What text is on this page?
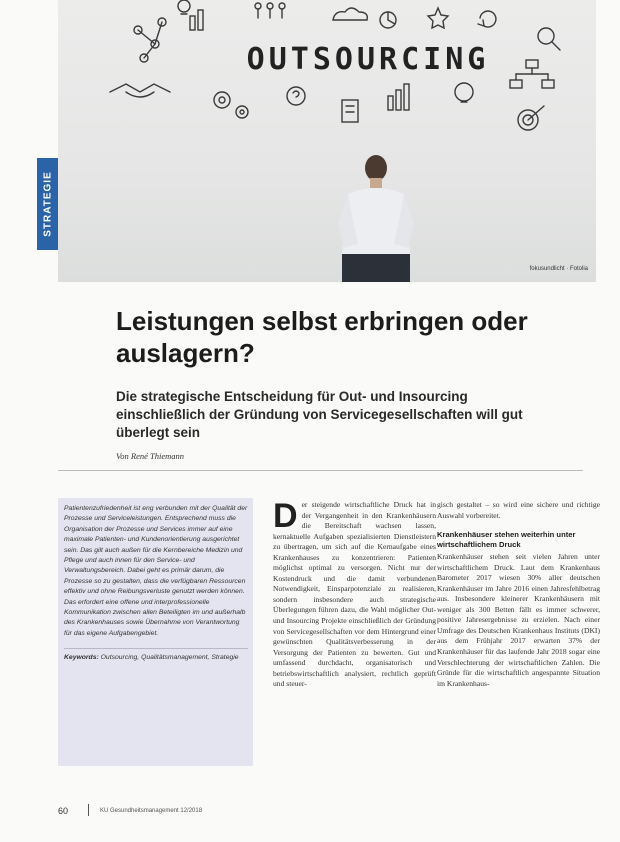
OUTSOURCING
fokusundlicht · Fotolia
STRATEGIE
Leistungen selbst erbringen oder auslagern?
Die strategische Entscheidung für Out- und Insourcing einschließlich der Gründung von Servicegesellschaften will gut überlegt sein
Von René Thiemann

Patientenzufriedenheit ist eng verbunden mit der Qualität der Prozesse und Serviceleistungen. Entsprechend muss die Organisation der Prozesse und Services immer auf eine maximale Patienten- und Kundenorientierung ausgerichtet sein. Das gilt auch außen für die Kernbereiche Medizin und Pflege und auch innen für den Service- und Verwaltungsbereich. Dabei geht es primär darum, die Prozesse so zu gestalten, dass die verfügbaren Ressourcen effektiv und ohne Reibungsverluste genutzt werden können. Das erfordert eine offene und interprofessionelle Kommunikation zwischen allen Beteiligten im und außerhalb des Krankenhauses sowie Übernahme von Verantwortung für das eigene Aufgabengebiet.

Keywords: Outsourcing, Qualitätsmanagement, Strategie

D er steigende wirtschaftliche Druck hat in der Vergangenheit in den Krankenhäusern die Bereitschaft wachsen lassen, kernaktuelle Aufgaben spezialisierten Dienstleistern zu übertragen, um sich auf die Kernaufgabe eines Krankenhauses zu konzentrieren: Patienten möglichst optimal zu versorgen. Nicht nur der Kostendruck und die damit verbundenen Notwendigkeit, Einsparpotenziale zu realisieren, sondern insbesondere auch strategische Überlegungen führen dazu, die Wahl möglicher Out- und Insourcing Projekte einschließlich der Gründung von Servicegesellschaften vor dem Hintergrund einer gewünschten Qualitätsverbesserung in der Versorgung der Patienten zu bewerten. Gut und umfassend durchdacht, organisatorisch und betriebswirtschaftlich analysiert, rechtlich geprüft und steuer-

gisch gestaltet – so wird eine sichere und richtige Auswahl vorbereitet.

Krankenhäuser stehen weiterhin unter wirtschaftlichem Druck

Krankenhäuser stehen seit vielen Jahren unter wirtschaftlichem Druck. Laut dem Krankenhaus Barometer 2017 wiesen 30% aller deutschen Krankenhäuser im Jahre 2016 einen Jahresfehlbetrag aus. Insbesondere kleinerer Krankenhäusern mit weniger als 300 Betten fällt es immer schwerer, positive Jahresergebnisse zu erzielen. Nach einer Umfrage des Deutschen Krankenhaus Instituts (DKI) aus dem Frühjahr 2017 erwarten 37% der Krankenhäuser für das laufende Jahr 2018 sogar eine Verschlechterung der wirtschaftlichen Zahlen. Die Gründe für die wirtschaftlich angespannte Situation im Krankenhaus-

60	KU Gesundheitsmanagement 12/2018
